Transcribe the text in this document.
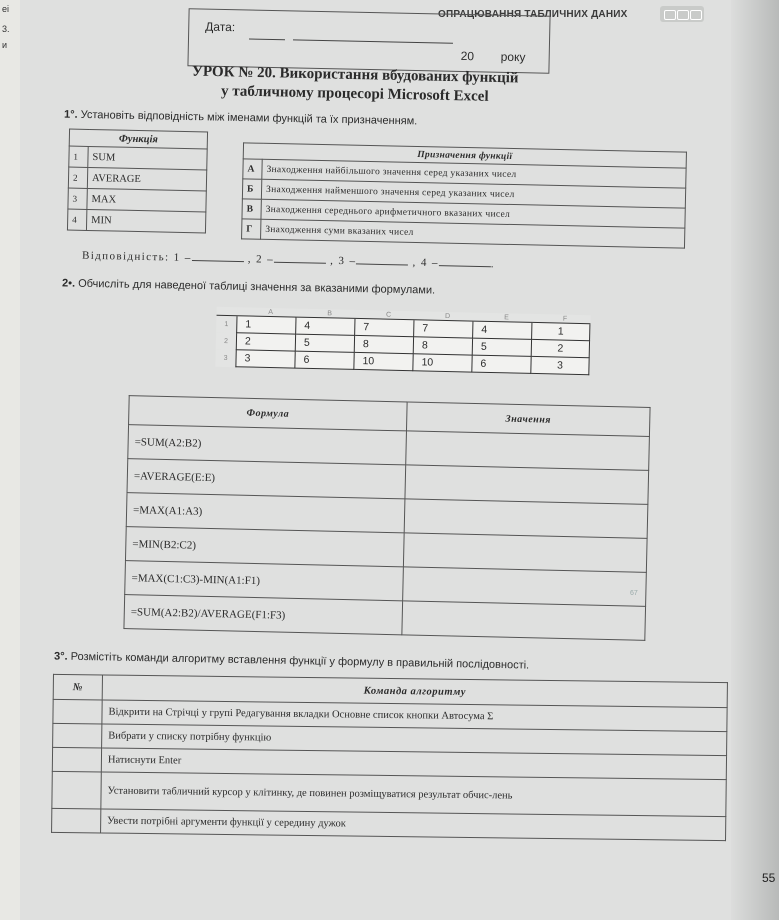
еі
3.
и
ОПРАЦЮВАННЯ ТАБЛИЧНИХ ДАНИХ
Дата:
20 року
УРОК № 20. Використання вбудованих функцій
у табличному процесорі Microsoft Excel
1°. Установіть відповідність між іменами функцій та їх призначенням.
Функція	
1	SUM
2	AVERAGE
3	MAX
4	MIN
Призначення функції	
А	Знаходження найбільшого значення серед указаних чисел
Б	Знаходження найменшого значення серед указаних чисел
В	Знаходження середнього арифметичного вказаних чисел
Г	Знаходження суми вказаних чисел
Відповідність: 1 –	, 2 –	, 3 –	, 4 –	.
2•. Обчисліть для наведеної таблиці значення за вказаними формулами.
	A	B	C	D	E	F
1	1	4	7	7	4	1
2	2	5	8	8	5	2
3	3	6	10	10	6	3
Формула	Значення
=SUM(A2:B2)	
=AVERAGE(E:E)	
=MAX(A1:A3)	
=MIN(B2:C2)	
=MAX(C1:C3)-MIN(A1:F1)	
=SUM(A2:B2)/AVERAGE(F1:F3)	
67
3°. Розмістіть команди алгоритму вставлення функції у формулу в правильній послідовності.
№	Команда алгоритму
	Відкрити на Стрічці у групі Редагування вкладки Основне список кнопки Автосума Σ
	Вибрати у списку потрібну функцію
	Натиснути Enter
	Установити табличний курсор у клітинку, де повинен розміщуватися результат обчис-лень
	Увести потрібні аргументи функції у середину дужок
55
